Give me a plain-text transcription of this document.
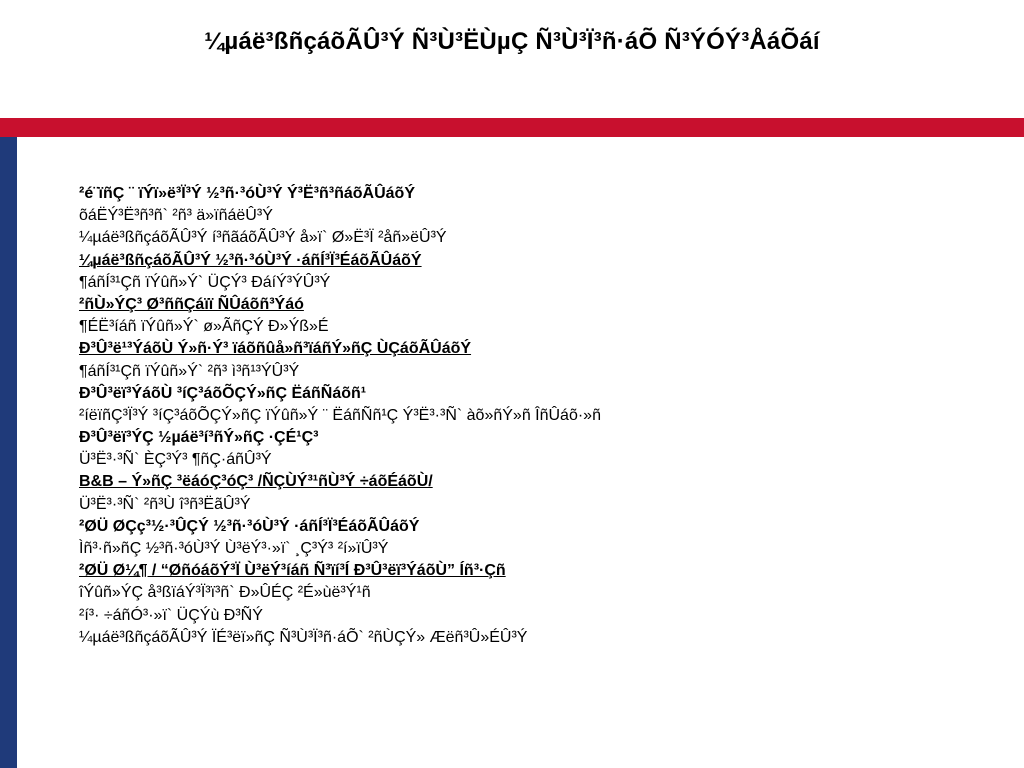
¼µáë³ßñçáõÃÛ³Ý Ñ³Ù³ËÙµÇ Ñ³Ù³Ï³ñ·áÕ Ñ³ÝÓÝ³ÅáÕáí
²é¨ïñÇ ¨ ïÝï»ë³Ï³Ý ½³ñ·³óÙ³Ý Ý³Ë³ñ³ñáõÃÛáõÝ
õáËÝ³Ë³ñ³ñ` ²ñ³ ä»ïñáëÛ³Ý
¼µáë³ßñçáõÃÛ³Ý í³ñãáõÃÛ³Ý å»ï` Ø»Ë³Ï ²åñ»ëÛ³Ý
¼µáë³ßñçáõÃÛ³Ý ½³ñ·³óÙ³Ý ·áñÍ³Ï³ÉáõÃÛáõÝ
¶áñÍ³¹Çñ ïÝûñ»Ý` ÜÇÝ³ ÐáíÝ³ÝÛ³Ý
²ñÙ»ÝÇ³ Ø³ññÇáïï ÑÛáõñ³Ýáó
¶ÉË³íáñ ïÝûñ»Ý` ø»ÃñÇÝ Ð»Ýß»É
Ð³Û³ë¹³ÝáõÙ Ý»ñ·Ý³ ïáõñûå»ñ³ïáñÝ»ñÇ ÙÇáõÃÛáõÝ
¶áñÍ³¹Çñ ïÝûñ»Ý` ²ñ³ ì³ñ¹³ÝÛ³Ý
Ð³Û³ëï³ÝáõÙ ³íÇ³áõÕÇÝ»ñÇ ËáñÑáõñ¹
²íëïñÇ³Ï³Ý ³íÇ³áõÕÇÝ»ñÇ ïÝûñ»Ý ¨ ËáñÑñ¹Ç Ý³Ë³·³Ñ` àõ»ñÝ»ñ ÎñÛáõ·»ñ
Ð³Û³ëï³ÝÇ ½µáë³í³ñÝ»ñÇ ·ÇÉ¹Ç³
Ü³Ë³·³Ñ` ÈÇ³Ý³ ¶ñÇ·áñÛ³Ý
B&B – Ý»ñÇ ³ëáóÇ³óÇ³ /ÑÇÙÝ³¹ñÙ³Ý ÷áõÉáõÙ/
Ü³Ë³·³Ñ` ²ñ³Ù î³ñ³ËãÛ³Ý
²ØÜ ØÇç³½·³ÛÇÝ ½³ñ·³óÙ³Ý ·áñÍ³Ï³ÉáõÃÛáõÝ
Ìñ³·ñ»ñÇ ½³ñ·³óÙ³Ý Ù³ëÝ³·»ï` ¸Ç³Ý³ ²í»ïÛ³Ý
²ØÜ Ø¼¶ / “ØñóáõÝ³Ï Ù³ëÝ³íáñ Ñ³ïí³Í Ð³Û³ëï³ÝáõÙ” Íñ³·Çñ
îÝûñ»ÝÇ å³ßïáÝ³Ï³ï³ñ` Ð»ÛÉÇ ²É»ùë³Ý¹ñ
²í³· ÷áñÓ³·»ï` ÜÇÝù Ð³ÑÝ
¼µáë³ßñçáõÃÛ³Ý ÏÉ³ëï»ñÇ Ñ³Ù³Ï³ñ·áÕ` ²ñÙÇÝ» Æëñ³Û»ÉÛ³Ý
